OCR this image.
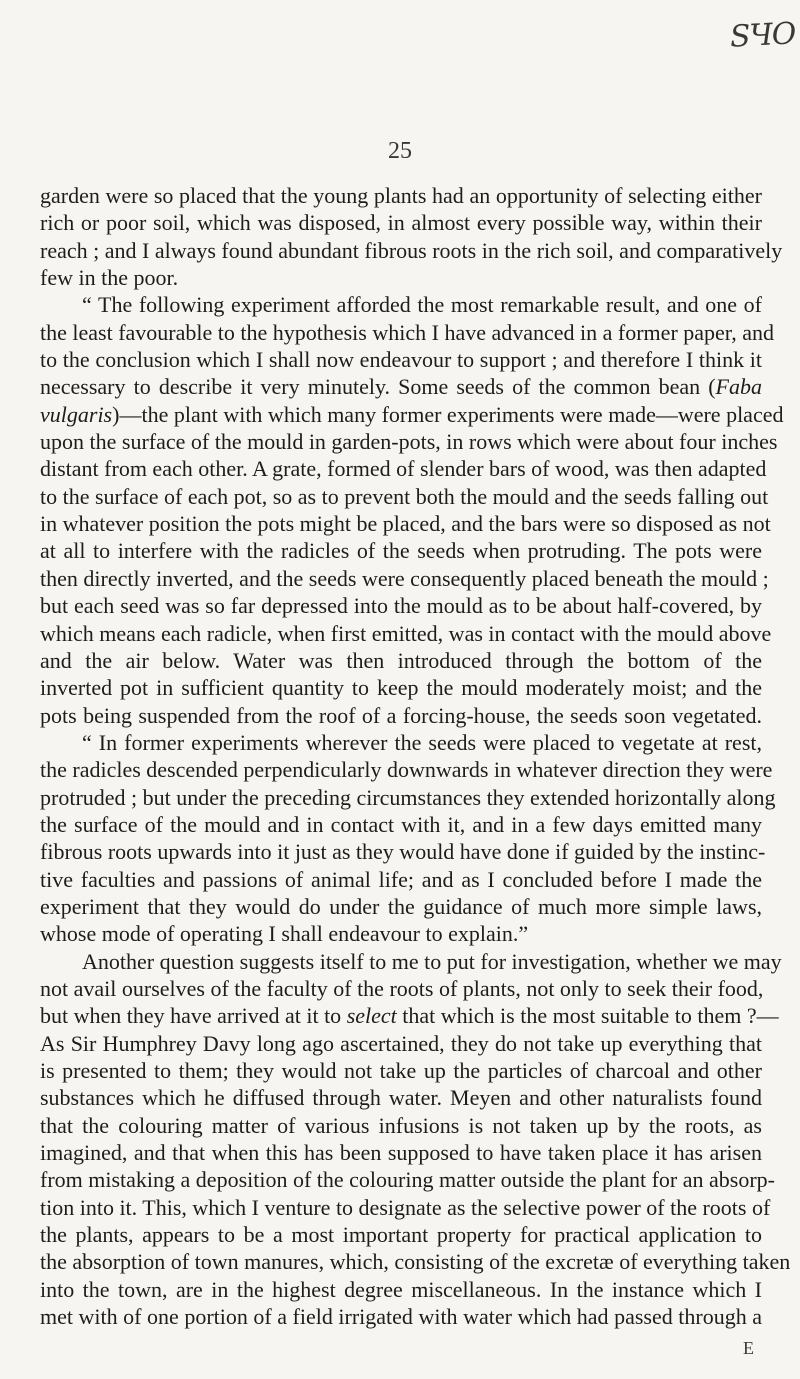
SЧО
25
garden were so placed that the young plants had an opportunity of selecting either
rich or poor soil, which was disposed, in almost every possible way, within their
reach ; and I always found abundant fibrous roots in the rich soil, and comparatively
few in the poor.
“ The following experiment afforded the most remarkable result, and one of
the least favourable to the hypothesis which I have advanced in a former paper, and
to the conclusion which I shall now endeavour to support ; and therefore I think it
necessary to describe it very minutely. Some seeds of the common bean (Faba
vulgaris)—the plant with which many former experiments were made—were placed
upon the surface of the mould in garden-pots, in rows which were about four inches
distant from each other. A grate, formed of slender bars of wood, was then adapted
to the surface of each pot, so as to prevent both the mould and the seeds falling out
in whatever position the pots might be placed, and the bars were so disposed as not
at all to interfere with the radicles of the seeds when protruding. The pots were
then directly inverted, and the seeds were consequently placed beneath the mould ;
but each seed was so far depressed into the mould as to be about half-covered, by
which means each radicle, when first emitted, was in contact with the mould above
and the air below. Water was then introduced through the bottom of the
inverted pot in sufficient quantity to keep the mould moderately moist; and the
pots being suspended from the roof of a forcing-house, the seeds soon vegetated.
“ In former experiments wherever the seeds were placed to vegetate at rest,
the radicles descended perpendicularly downwards in whatever direction they were
protruded ; but under the preceding circumstances they extended horizontally along
the surface of the mould and in contact with it, and in a few days emitted many
fibrous roots upwards into it just as they would have done if guided by the instinc-
tive faculties and passions of animal life; and as I concluded before I made the
experiment that they would do under the guidance of much more simple laws,
whose mode of operating I shall endeavour to explain.”
Another question suggests itself to me to put for investigation, whether we may
not avail ourselves of the faculty of the roots of plants, not only to seek their food,
but when they have arrived at it to select that which is the most suitable to them ?—
As Sir Humphrey Davy long ago ascertained, they do not take up everything that
is presented to them; they would not take up the particles of charcoal and other
substances which he diffused through water. Meyen and other naturalists found
that the colouring matter of various infusions is not taken up by the roots, as
imagined, and that when this has been supposed to have taken place it has arisen
from mistaking a deposition of the colouring matter outside the plant for an absorp-
tion into it. This, which I venture to designate as the selective power of the roots of
the plants, appears to be a most important property for practical application to
the absorption of town manures, which, consisting of the excretæ of everything taken
into the town, are in the highest degree miscellaneous. In the instance which I
met with of one portion of a field irrigated with water which had passed through a
E
